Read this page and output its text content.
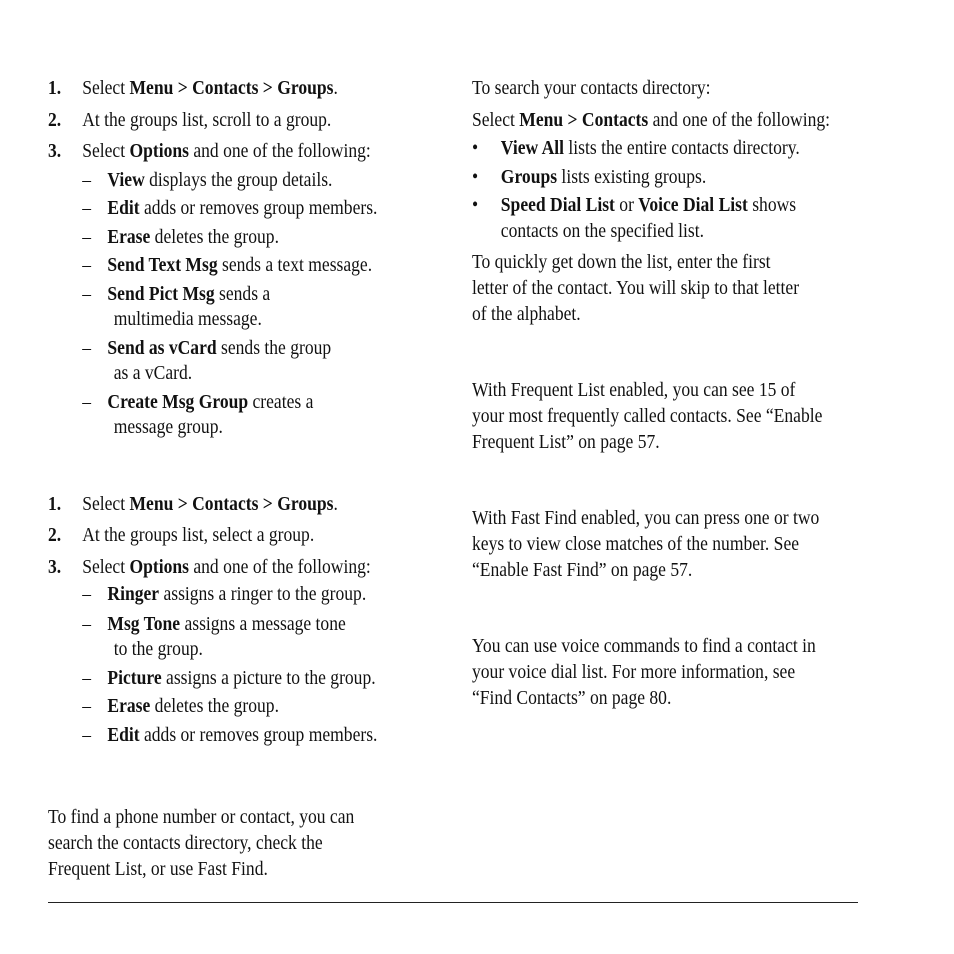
1. Select Menu > Contacts > Groups.
2. At the groups list, scroll to a group.
3. Select Options and one of the following:
– View displays the group details.
– Edit adds or removes group members.
– Erase deletes the group.
– Send Text Msg sends a text message.
– Send Pict Msg sends a
multimedia message.
– Send as vCard sends the group
as a vCard.
– Create Msg Group creates a
message group.
1. Select Menu > Contacts > Groups.
2. At the groups list, select a group.
3. Select Options and one of the following:
– Ringer assigns a ringer to the group.
– Msg Tone assigns a message tone
to the group.
– Picture assigns a picture to the group.
– Erase deletes the group.
– Edit adds or removes group members.
To find a phone number or contact, you can
search the contacts directory, check the
Frequent List, or use Fast Find.
To search your contacts directory:
Select Menu > Contacts and one of the following:
• View All lists the entire contacts directory.
• Groups lists existing groups.
• Speed Dial List or Voice Dial List shows
contacts on the specified list.
To quickly get down the list, enter the first
letter of the contact. You will skip to that letter
of the alphabet.
With Frequent List enabled, you can see 15 of
your most frequently called contacts. See “Enable
Frequent List” on page 57.
With Fast Find enabled, you can press one or two
keys to view close matches of the number. See
“Enable Fast Find” on page 57.
You can use voice commands to find a contact in
your voice dial list. For more information, see
“Find Contacts” on page 80.
